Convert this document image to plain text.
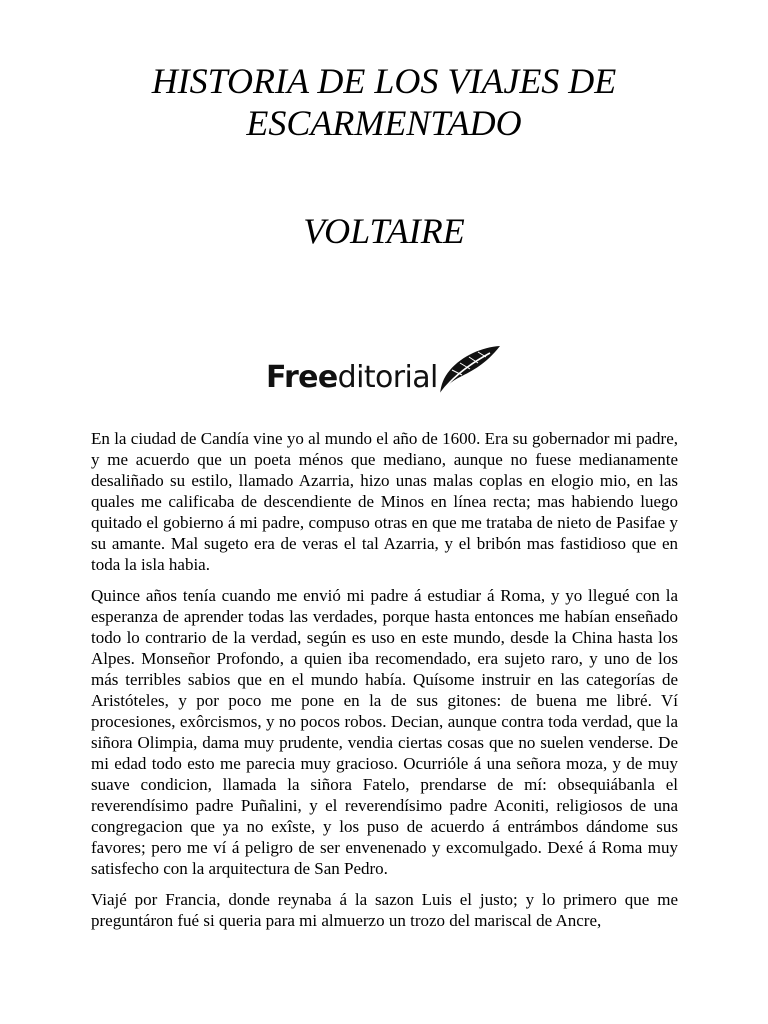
HISTORIA DE LOS VIAJES DE ESCARMENTADO
VOLTAIRE
Freeditorial

En la ciudad de Candía vine yo al mundo el año de 1600. Era su gobernador mi padre, y me acuerdo que un poeta ménos que mediano, aunque no fuese medianamente desaliñado su estilo, llamado Azarria, hizo unas malas coplas en elogio mio, en las quales me calificaba de descendiente de Minos en línea recta; mas habiendo luego quitado el gobierno á mi padre, compuso otras en que me trataba de nieto de Pasifae y su amante. Mal sugeto era de veras el tal Azarria, y el bribón mas fastidioso que en toda la isla habia.

Quince años tenía cuando me envió mi padre á estudiar á Roma, y yo llegué con la esperanza de aprender todas las verdades, porque hasta entonces me habían enseñado todo lo contrario de la verdad, según es uso en este mundo, desde la China hasta los Alpes. Monseñor Profondo, a quien iba recomendado, era sujeto raro, y uno de los más terribles sabios que en el mundo había. Quísome instruir en las categorías de Aristóteles, y por poco me pone en la de sus gitones: de buena me libré. Ví procesiones, exôrcismos, y no pocos robos. Decian, aunque contra toda verdad, que la siñora Olimpia, dama muy prudente, vendia ciertas cosas que no suelen venderse. De mi edad todo esto me parecia muy gracioso. Ocurrióle á una señora moza, y de muy suave condicion, llamada la siñora Fatelo, prendarse de mí: obsequiábanla el reverendísimo padre Puñalini, y el reverendísimo padre Aconiti, religiosos de una congregacion que ya no exîste, y los puso de acuerdo á entrámbos dándome sus favores; pero me ví á peligro de ser envenenado y excomulgado. Dexé á Roma muy satisfecho con la arquitectura de San Pedro.

Viajé por Francia, donde reynaba á la sazon Luis el justo; y lo primero que me preguntáron fué si queria para mi almuerzo un trozo del mariscal de Ancre,
